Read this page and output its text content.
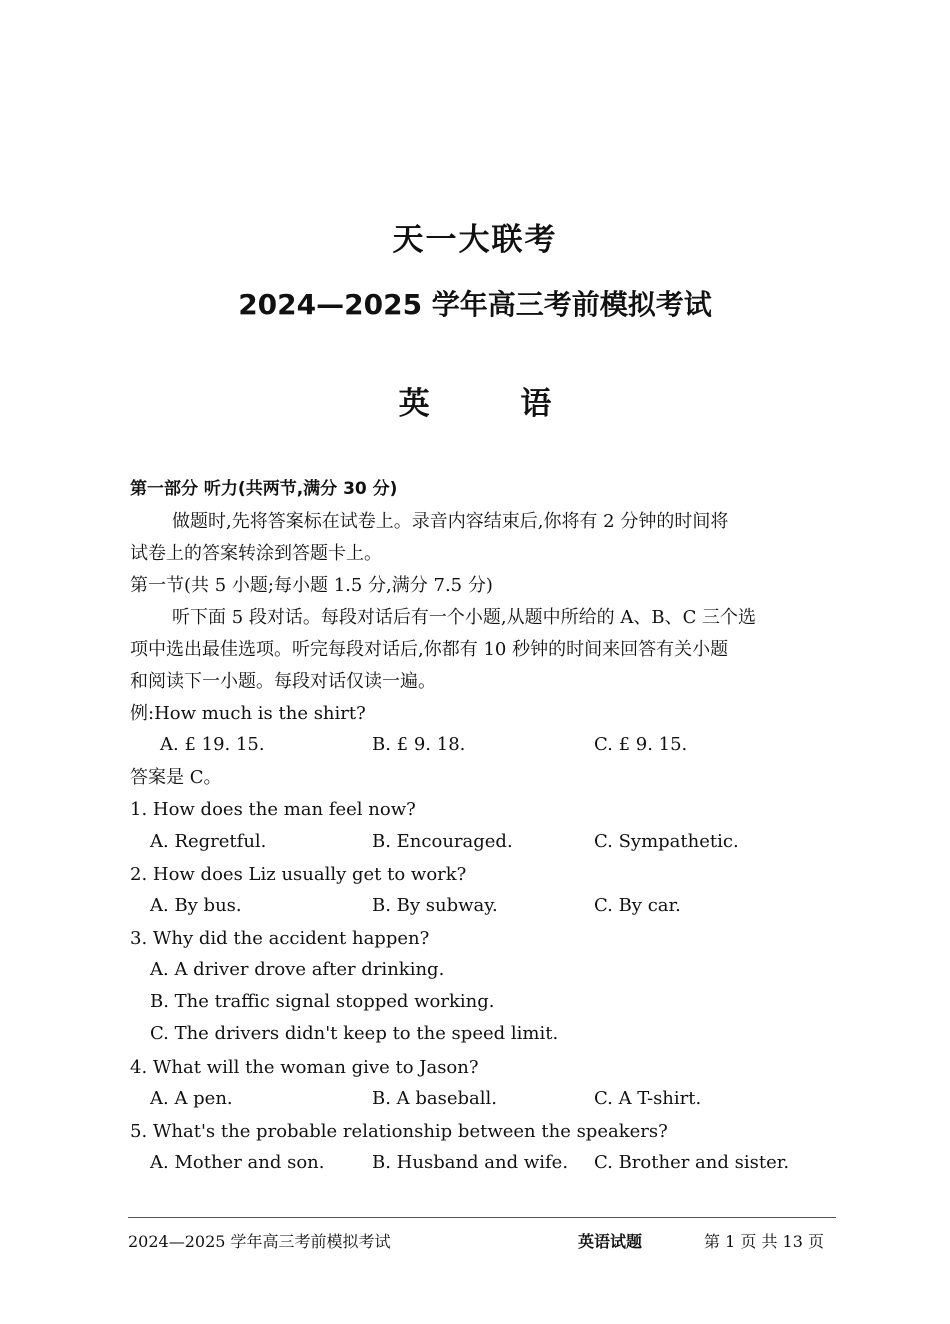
天一大联考
2024—2025 学年高三考前模拟考试
英 语
第一部分 听力(共两节,满分 30 分)
做题时,先将答案标在试卷上。录音内容结束后,你将有 2 分钟的时间将
试卷上的答案转涂到答题卡上。
第一节(共 5 小题;每小题 1.5 分,满分 7.5 分)
听下面 5 段对话。每段对话后有一个小题,从题中所给的 A、B、C 三个选
项中选出最佳选项。听完每段对话后,你都有 10 秒钟的时间来回答有关小题
和阅读下一小题。每段对话仅读一遍。
例:How much is the shirt?
A. £ 19. 15.	B. £ 9. 18.	C. £ 9. 15.
答案是 C。
1. How does the man feel now?
A. Regretful.	B. Encouraged.	C. Sympathetic.
2. How does Liz usually get to work?
A. By bus.	B. By subway.	C. By car.
3. Why did the accident happen?
A. A driver drove after drinking.
B. The traffic signal stopped working.
C. The drivers didn't keep to the speed limit.
4. What will the woman give to Jason?
A. A pen.	B. A baseball.	C. A T-shirt.
5. What's the probable relationship between the speakers?
A. Mother and son.	B. Husband and wife. C. Brother and sister.
2024—2025 学年高三考前模拟考试	英语试题	第 1 页 共 13 页
